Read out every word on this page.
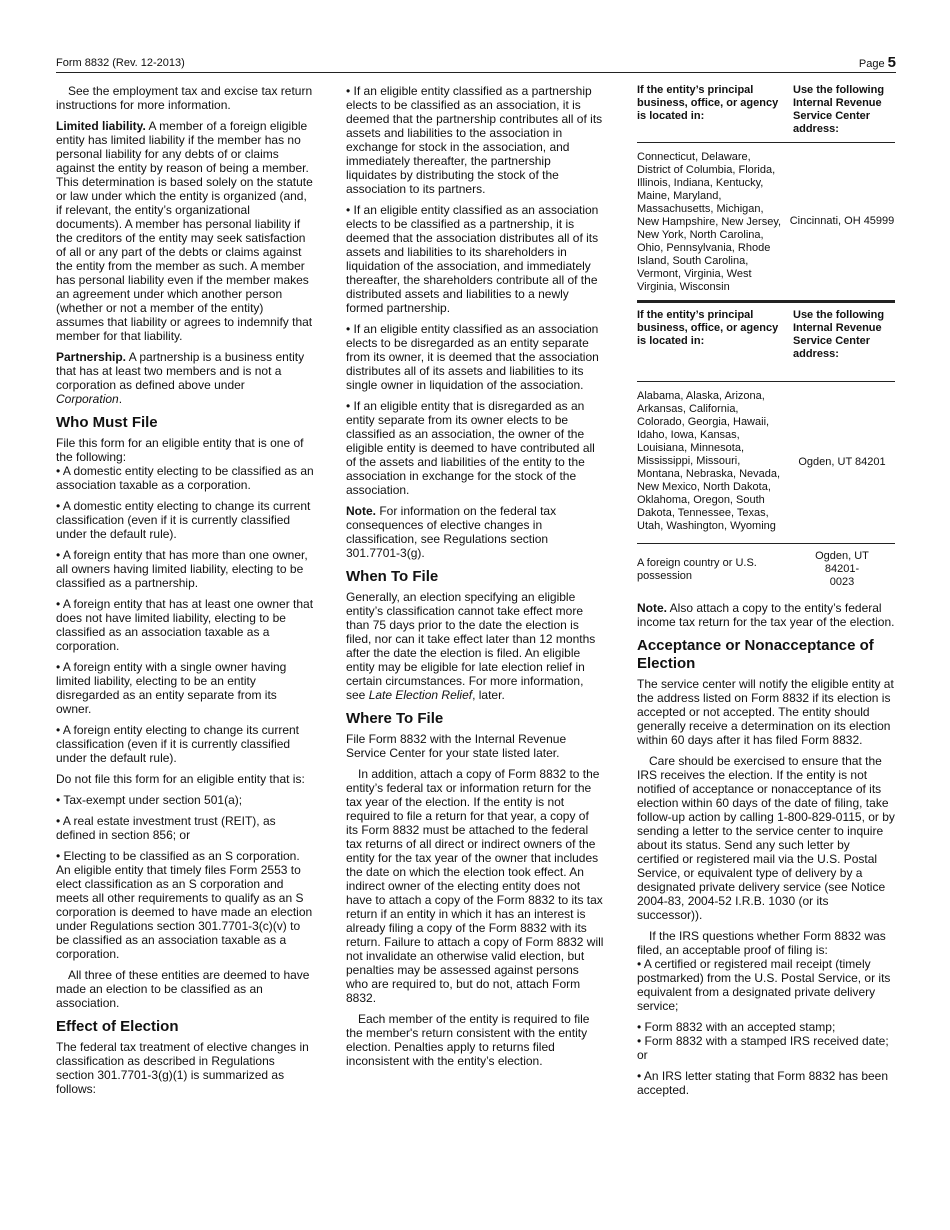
Form 8832 (Rev. 12-2013)	Page 5

See the employment tax and excise tax return instructions for more information.

Limited liability. A member of a foreign eligible entity has limited liability if the member has no personal liability for any debts of or claims against the entity by reason of being a member. This determination is based solely on the statute or law under which the entity is organized (and, if relevant, the entity’s organizational documents). A member has personal liability if the creditors of the entity may seek satisfaction of all or any part of the debts or claims against the entity from the member as such. A member has personal liability even if the member makes an agreement under which another person (whether or not a member of the entity) assumes that liability or agrees to indemnify that member for that liability.

Partnership. A partnership is a business entity that has at least two members and is not a corporation as defined above under Corporation.

Who Must File

File this form for an eligible entity that is one of the following:

• A domestic entity electing to be classified as an association taxable as a corporation.

• A domestic entity electing to change its current classification (even if it is currently classified under the default rule).

• A foreign entity that has more than one owner, all owners having limited liability, electing to be classified as a partnership.

• A foreign entity that has at least one owner that does not have limited liability, electing to be classified as an association taxable as a corporation.

• A foreign entity with a single owner having limited liability, electing to be an entity disregarded as an entity separate from its owner.

• A foreign entity electing to change its current classification (even if it is currently classified under the default rule).

Do not file this form for an eligible entity that is:

• Tax-exempt under section 501(a);

• A real estate investment trust (REIT), as defined in section 856; or

• Electing to be classified as an S corporation. An eligible entity that timely files Form 2553 to elect classification as an S corporation and meets all other requirements to qualify as an S corporation is deemed to have made an election under Regulations section 301.7701-3(c)(v) to be classified as an association taxable as a corporation.

All three of these entities are deemed to have made an election to be classified as an association.

Effect of Election

The federal tax treatment of elective changes in classification as described in Regulations section 301.7701-3(g)(1) is summarized as follows:

• If an eligible entity classified as a partnership elects to be classified as an association, it is deemed that the partnership contributes all of its assets and liabilities to the association in exchange for stock in the association, and immediately thereafter, the partnership liquidates by distributing the stock of the association to its partners.

• If an eligible entity classified as an association elects to be classified as a partnership, it is deemed that the association distributes all of its assets and liabilities to its shareholders in liquidation of the association, and immediately thereafter, the shareholders contribute all of the distributed assets and liabilities to a newly formed partnership.

• If an eligible entity classified as an association elects to be disregarded as an entity separate from its owner, it is deemed that the association distributes all of its assets and liabilities to its single owner in liquidation of the association.

• If an eligible entity that is disregarded as an entity separate from its owner elects to be classified as an association, the owner of the eligible entity is deemed to have contributed all of the assets and liabilities of the entity to the association in exchange for the stock of the association.

Note. For information on the federal tax consequences of elective changes in classification, see Regulations section 301.7701-3(g).

When To File

Generally, an election specifying an eligible entity’s classification cannot take effect more than 75 days prior to the date the election is filed, nor can it take effect later than 12 months after the date the election is filed. An eligible entity may be eligible for late election relief in certain circumstances. For more information, see Late Election Relief, later.

Where To File

File Form 8832 with the Internal Revenue Service Center for your state listed later.

In addition, attach a copy of Form 8832 to the entity’s federal tax or information return for the tax year of the election. If the entity is not required to file a return for that year, a copy of its Form 8832 must be attached to the federal tax returns of all direct or indirect owners of the entity for the tax year of the owner that includes the date on which the election took effect. An indirect owner of the electing entity does not have to attach a copy of the Form 8832 to its tax return if an entity in which it has an interest is already filing a copy of the Form 8832 with its return. Failure to attach a copy of Form 8832 will not invalidate an otherwise valid election, but penalties may be assessed against persons who are required to, but do not, attach Form 8832.

Each member of the entity is required to file the member's return consistent with the entity election. Penalties apply to returns filed inconsistent with the entity’s election.

If the entity’s principal business, office, or agency is located in:	Use the following Internal Revenue Service Center address:
Connecticut, Delaware, District of Columbia, Florida, Illinois, Indiana, Kentucky, Maine, Maryland, Massachusetts, Michigan, New Hampshire, New Jersey, New York, North Carolina, Ohio, Pennsylvania, Rhode Island, South Carolina, Vermont, Virginia, West Virginia, Wisconsin	Cincinnati, OH 45999
If the entity’s principal business, office, or agency is located in:	Use the following Internal Revenue Service Center address:
Alabama, Alaska, Arizona, Arkansas, California, Colorado, Georgia, Hawaii, Idaho, Iowa, Kansas, Louisiana, Minnesota, Mississippi, Missouri, Montana, Nebraska, Nevada, New Mexico, North Dakota, Oklahoma, Oregon, South Dakota, Tennessee, Texas, Utah, Washington, Wyoming	Ogden, UT 84201
A foreign country or U.S. possession	Ogden, UT 84201-0023

Note. Also attach a copy to the entity’s federal income tax return for the tax year of the election.

Acceptance or Nonacceptance of Election

The service center will notify the eligible entity at the address listed on Form 8832 if its election is accepted or not accepted. The entity should generally receive a determination on its election within 60 days after it has filed Form 8832.

Care should be exercised to ensure that the IRS receives the election. If the entity is not notified of acceptance or nonacceptance of its election within 60 days of the date of filing, take follow-up action by calling 1-800-829-0115, or by sending a letter to the service center to inquire about its status. Send any such letter by certified or registered mail via the U.S. Postal Service, or equivalent type of delivery by a designated private delivery service (see Notice 2004-83, 2004-52 I.R.B. 1030 (or its successor)).

If the IRS questions whether Form 8832 was filed, an acceptable proof of filing is:

• A certified or registered mail receipt (timely postmarked) from the U.S. Postal Service, or its equivalent from a designated private delivery service;

• Form 8832 with an accepted stamp;

• Form 8832 with a stamped IRS received date; or

• An IRS letter stating that Form 8832 has been accepted.
